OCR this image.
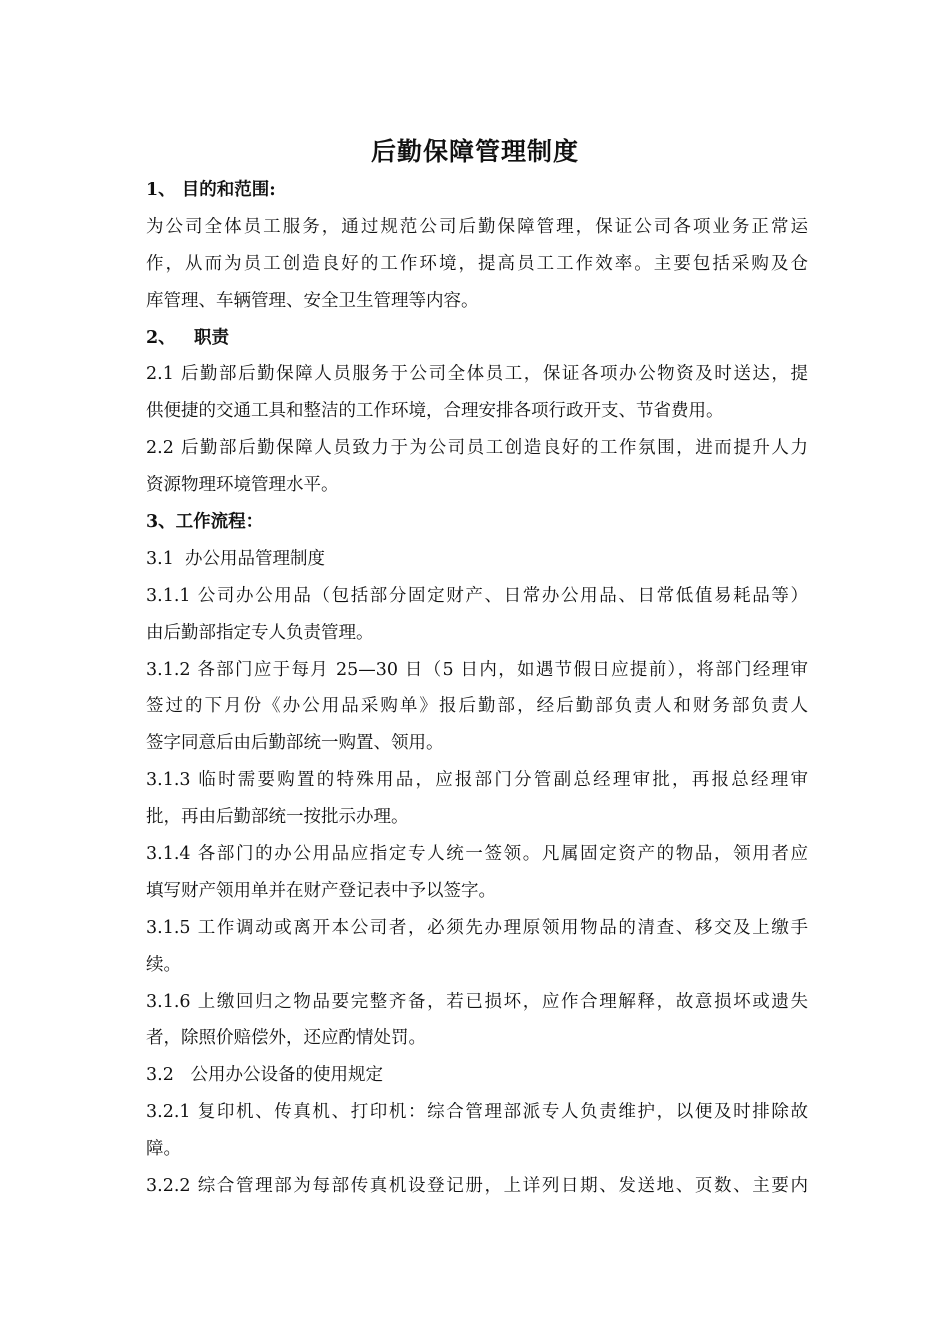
后勤保障管理制度
1、 目的和范围:
为公司全体员工服务，通过规范公司后勤保障管理，保证公司各项业务正常运
作，从而为员工创造良好的工作环境，提高员工工作效率。主要包括采购及仓
库管理、车辆管理、安全卫生管理等内容。
2、   职责
2.1 后勤部后勤保障人员服务于公司全体员工，保证各项办公物资及时送达，提
供便捷的交通工具和整洁的工作环境，合理安排各项行政开支、节省费用。
2.2 后勤部后勤保障人员致力于为公司员工创造良好的工作氛围，进而提升人力
资源物理环境管理水平。
3、工作流程：
3.1  办公用品管理制度
3.1.1 公司办公用品（包括部分固定财产、日常办公用品、日常低值易耗品等）
由后勤部指定专人负责管理。
3.1.2 各部门应于每月 25—30 日（5 日内，如遇节假日应提前），将部门经理审
签过的下月份《办公用品采购单》报后勤部，经后勤部负责人和财务部负责人
签字同意后由后勤部统一购置、领用。
3.1.3 临时需要购置的特殊用品，应报部门分管副总经理审批，再报总经理审
批，再由后勤部统一按批示办理。
3.1.4 各部门的办公用品应指定专人统一签领。凡属固定资产的物品，领用者应
填写财产领用单并在财产登记表中予以签字。
3.1.5 工作调动或离开本公司者，必须先办理原领用物品的清查、移交及上缴手
续。
3.1.6 上缴回归之物品要完整齐备，若已损坏，应作合理解释，故意损坏或遗失
者，除照价赔偿外，还应酌情处罚。
3.2   公用办公设备的使用规定
3.2.1 复印机、传真机、打印机：综合管理部派专人负责维护，以便及时排除故
障。
3.2.2 综合管理部为每部传真机设登记册，上详列日期、发送地、页数、主要内
